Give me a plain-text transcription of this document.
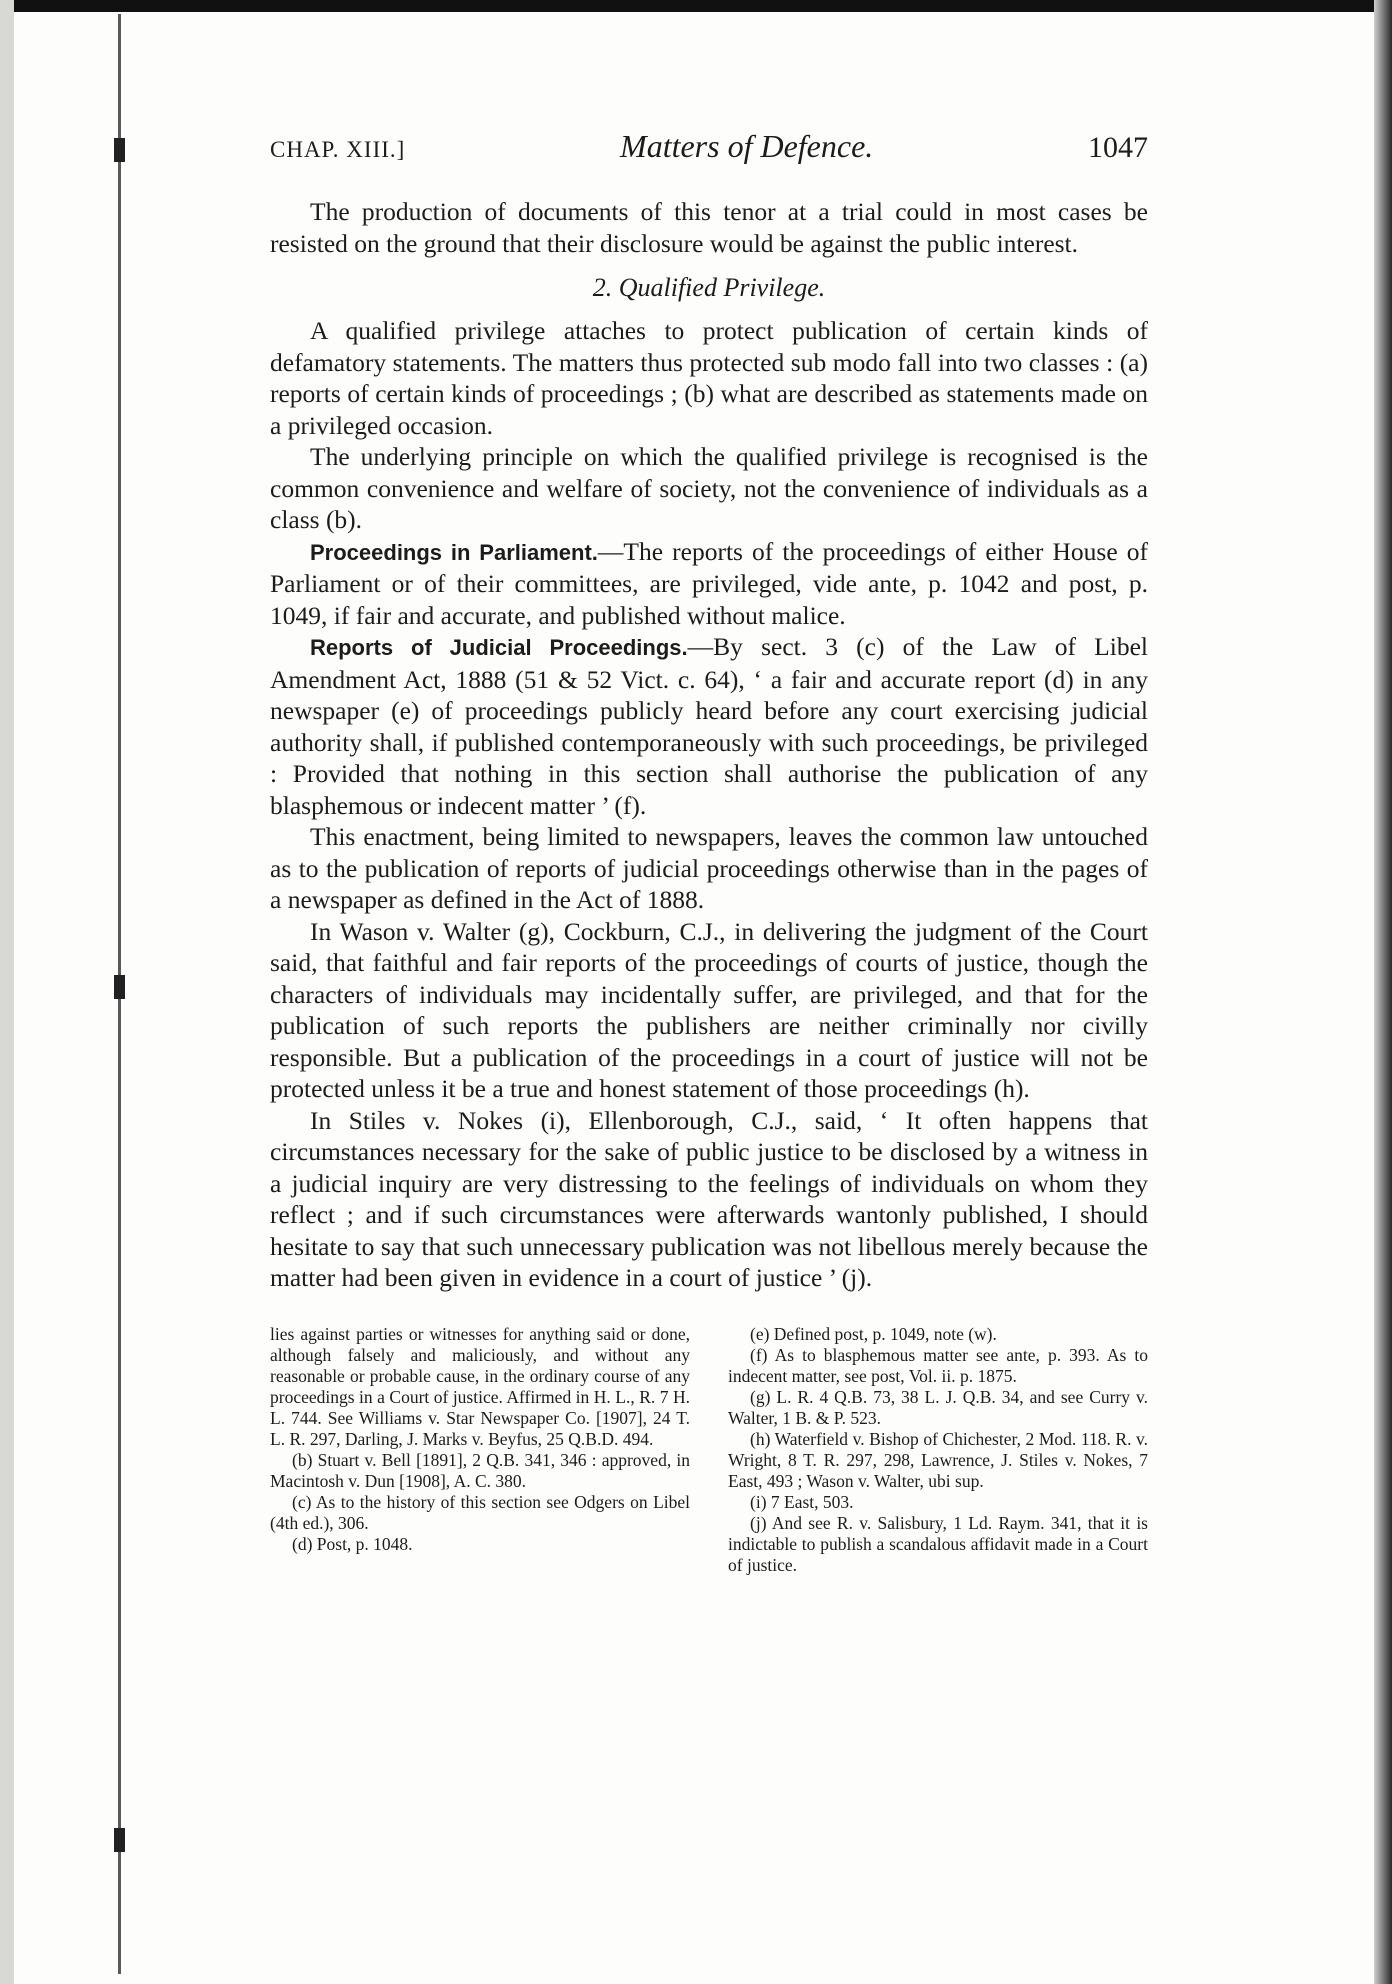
CHAP. XIII.]	Matters of Defence.	1047

The production of documents of this tenor at a trial could in most cases be resisted on the ground that their disclosure would be against the public interest.

2. Qualified Privilege.

A qualified privilege attaches to protect publication of certain kinds of defamatory statements. The matters thus protected sub modo fall into two classes : (a) reports of certain kinds of proceedings ; (b) what are described as statements made on a privileged occasion.

The underlying principle on which the qualified privilege is recognised is the common convenience and welfare of society, not the convenience of individuals as a class (b).

Proceedings in Parliament.—The reports of the proceedings of either House of Parliament or of their committees, are privileged, vide ante, p. 1042 and post, p. 1049, if fair and accurate, and published without malice.

Reports of Judicial Proceedings.—By sect. 3 (c) of the Law of Libel Amendment Act, 1888 (51 & 52 Vict. c. 64), ‘ a fair and accurate report (d) in any newspaper (e) of proceedings publicly heard before any court exercising judicial authority shall, if published contemporaneously with such proceedings, be privileged : Provided that nothing in this section shall authorise the publication of any blasphemous or indecent matter ’ (f).

This enactment, being limited to newspapers, leaves the common law untouched as to the publication of reports of judicial proceedings otherwise than in the pages of a newspaper as defined in the Act of 1888.

In Wason v. Walter (g), Cockburn, C.J., in delivering the judgment of the Court said, that faithful and fair reports of the proceedings of courts of justice, though the characters of individuals may incidentally suffer, are privileged, and that for the publication of such reports the publishers are neither criminally nor civilly responsible. But a publication of the proceedings in a court of justice will not be protected unless it be a true and honest statement of those proceedings (h).

In Stiles v. Nokes (i), Ellenborough, C.J., said, ‘ It often happens that circumstances necessary for the sake of public justice to be disclosed by a witness in a judicial inquiry are very distressing to the feelings of individuals on whom they reflect ; and if such circumstances were afterwards wantonly published, I should hesitate to say that such unnecessary publication was not libellous merely because the matter had been given in evidence in a court of justice ’ (j).

lies against parties or witnesses for anything said or done, although falsely and maliciously, and without any reasonable or probable cause, in the ordinary course of any proceedings in a Court of justice. Affirmed in H. L., R. 7 H. L. 744. See Williams v. Star Newspaper Co. [1907], 24 T. L. R. 297, Darling, J. Marks v. Beyfus, 25 Q.B.D. 494.

(b) Stuart v. Bell [1891], 2 Q.B. 341, 346 : approved, in Macintosh v. Dun [1908], A. C. 380.

(c) As to the history of this section see Odgers on Libel (4th ed.), 306.

(d) Post, p. 1048.

(e) Defined post, p. 1049, note (w).

(f) As to blasphemous matter see ante, p. 393. As to indecent matter, see post, Vol. ii. p. 1875.

(g) L. R. 4 Q.B. 73, 38 L. J. Q.B. 34, and see Curry v. Walter, 1 B. & P. 523.

(h) Waterfield v. Bishop of Chichester, 2 Mod. 118. R. v. Wright, 8 T. R. 297, 298, Lawrence, J. Stiles v. Nokes, 7 East, 493 ; Wason v. Walter, ubi sup.

(i) 7 East, 503.

(j) And see R. v. Salisbury, 1 Ld. Raym. 341, that it is indictable to publish a scandalous affidavit made in a Court of justice.
